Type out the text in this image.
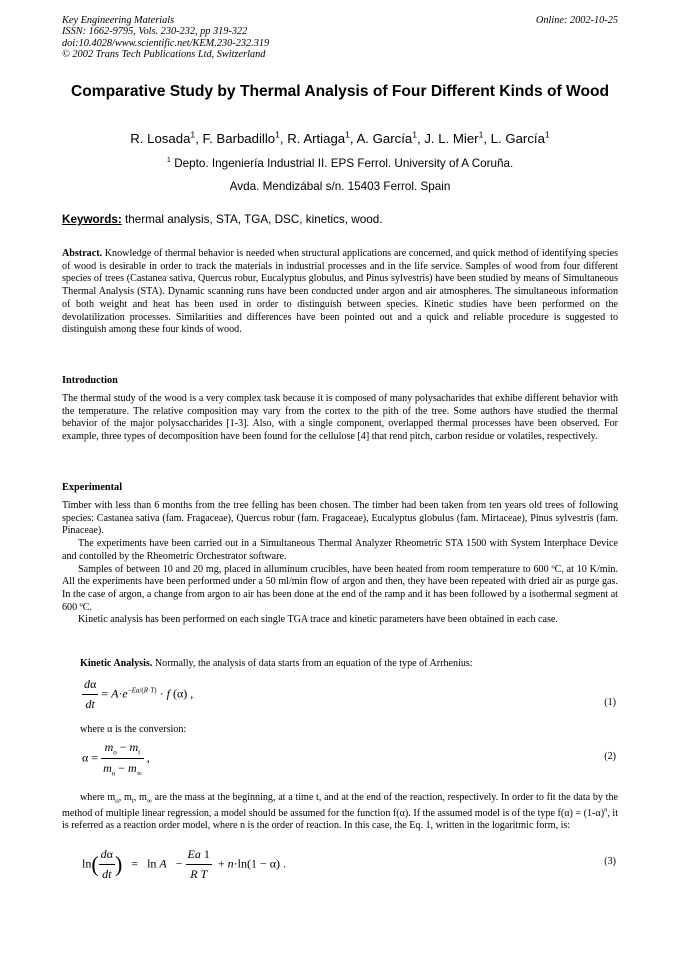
Key Engineering Materials
ISSN: 1662-9795, Vols. 230-232, pp 319-322
doi:10.4028/www.scientific.net/KEM.230-232.319
© 2002 Trans Tech Publications Ltd, Switzerland
Online: 2002-10-25
Comparative Study by Thermal Analysis of Four Different Kinds of Wood
R. Losada$^1$, F. Barbadillo$^1$, R. Artiaga$^1$, A. García$^1$, J. L. Mier$^1$, L. García$^1$
$^1$ Depto. Ingeniería Industrial II. EPS Ferrol. University of A Coruña.
Avda. Mendizábal s/n. 15403 Ferrol. Spain
Keywords: thermal analysis, STA, TGA, DSC, kinetics, wood.
Abstract. Knowledge of thermal behavior is needed when structural applications are concerned, and quick method of identifying species of wood is desirable in order to track the materials in industrial processes and in the life service. Samples of wood from four different species of trees (Castanea sativa, Quercus robur, Eucalyptus globulus, and Pinus sylvestris) have been studied by means of Simultaneous Thermal Analysis (STA). Dynamic scanning runs have been conducted under argon and air atmospheres. The simultaneous information of both weight and heat has been used in order to distinguish between species. Kinetic studies have been performed on the devolatilization processes. Similarities and differences have been pointed out and a quick and reliable procedure is suggested to distinguish among these four kinds of wood.
Introduction
The thermal study of the wood is a very complex task because it is composed of many polysacharides that exhibe different behavior with the temperature. The relative composition may vary from the cortex to the pith of the tree. Some authors have studied the thermal behavior of the major polysaccharides [1-3]. Also, with a single component, overlapped thermal processes have been observed. For example, three types of decomposition have been found for the cellulose [4] that rend pitch, carbon residue or volatiles, respectively.
Experimental
Timber with less than 6 months from the tree felling has been chosen. The timber had been taken from ten years old trees of following species: Castanea sativa (fam. Fragaceae), Quercus robur (fam. Fragaceae), Eucalyptus globulus (fam. Mirtaceae), Pinus sylvestris (fam. Pinaceae).
The experiments have been carried out in a Simultaneous Thermal Analyzer Rheometric STA 1500 with System Interphace Device and contolled by the Rheometric Orchestrator software.
Samples of between 10 and 20 mg, placed in alluminum crucibles, have been heated from room temperature to 600 ºC, at 10 K/min. All the experiments have been performed under a 50 ml/min flow of argon and then, they have been repeated with dried air as purge gas. In the case of argon, a change from argon to air has been done at the end of the ramp and it has been followed by a isothermal segment at 600 ºC.
Kinetic analysis has been performed on each single TGA trace and kinetic parameters have been obtained in each case.
Kinetic Analysis. Normally, the analysis of data starts from an equation of the type of Arrhenius:
$\frac{d\alpha}{dt} = A\cdot e^{-Ea/(R\cdot T)} \cdot f$ (α) ,
(1)
where α is the conversion:
$\alpha = \frac{m_o - m_t}{m_o - m_\infty}$ ,	(2)
where $m_o$, $m_t$, $m_\infty$ are the mass at the beginning, at a time t, and at the end of the reaction, respectively. In order to fit the data by the method of multiple linear regression, a model should be assumed for the function f(α). If the assumed model is of the type $f(\alpha) = (1-\alpha)^n$, it is referred as a reaction order model, where n is the order of reaction. In this case, the Eq. 1, written in the logaritmic form, is:
$\ln( \frac{d\alpha}{dt}$ )   =   $\ln A - \frac{Ea 1}{\text{R T}} + n\cdot\ln(1 - \alpha)$ .	(3)
